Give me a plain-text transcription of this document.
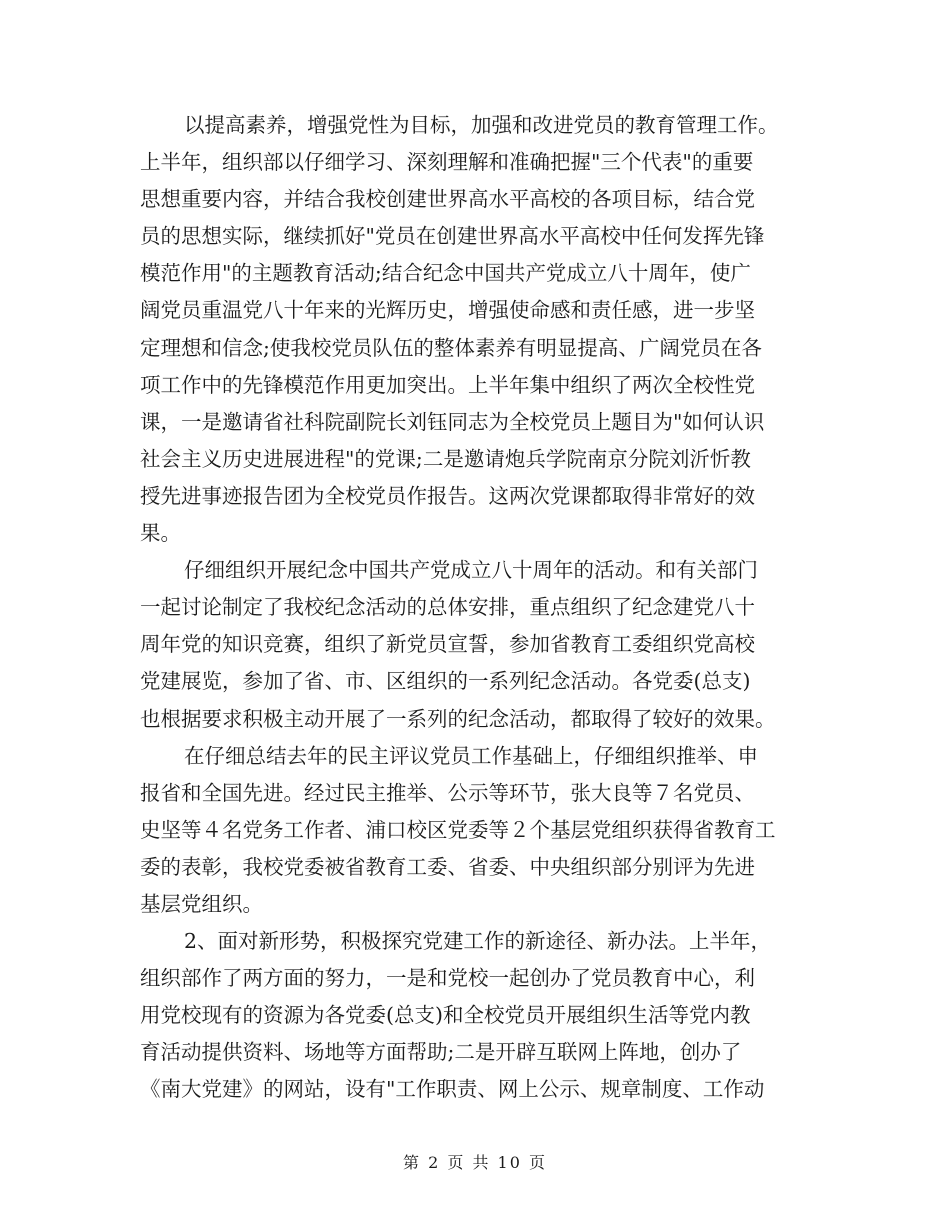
以提高素养，增强党性为目标，加强和改进党员的教育管理工作。
上半年，组织部以仔细学习、深刻理解和准确把握"三个代表"的重要
思想重要内容，并结合我校创建世界高水平高校的各项目标，结合党
员的思想实际，继续抓好"党员在创建世界高水平高校中任何发挥先锋
模范作用"的主题教育活动;结合纪念中国共产党成立八十周年，使广
阔党员重温党八十年来的光辉历史，增强使命感和责任感，进一步坚
定理想和信念;使我校党员队伍的整体素养有明显提高、广阔党员在各
项工作中的先锋模范作用更加突出。上半年集中组织了两次全校性党
课，一是邀请省社科院副院长刘钰同志为全校党员上题目为"如何认识
社会主义历史进展进程"的党课;二是邀请炮兵学院南京分院刘沂忻教
授先进事迹报告团为全校党员作报告。这两次党课都取得非常好的效
果。
仔细组织开展纪念中国共产党成立八十周年的活动。和有关部门
一起讨论制定了我校纪念活动的总体安排，重点组织了纪念建党八十
周年党的知识竞赛，组织了新党员宣誓，参加省教育工委组织党高校
党建展览，参加了省、市、区组织的一系列纪念活动。各党委(总支)
也根据要求积极主动开展了一系列的纪念活动，都取得了较好的效果。
在仔细总结去年的民主评议党员工作基础上，仔细组织推举、申
报省和全国先进。经过民主推举、公示等环节，张大良等７名党员、
史坚等４名党务工作者、浦口校区党委等２个基层党组织获得省教育工
委的表彰，我校党委被省教育工委、省委、中央组织部分别评为先进
基层党组织。
2、面对新形势，积极探究党建工作的新途径、新办法。上半年，
组织部作了两方面的努力，一是和党校一起创办了党员教育中心，利
用党校现有的资源为各党委(总支)和全校党员开展组织生活等党内教
育活动提供资料、场地等方面帮助;二是开辟互联网上阵地，创办了
《南大党建》的网站，设有"工作职责、网上公示、规章制度、工作动
第 2 页 共 10 页
